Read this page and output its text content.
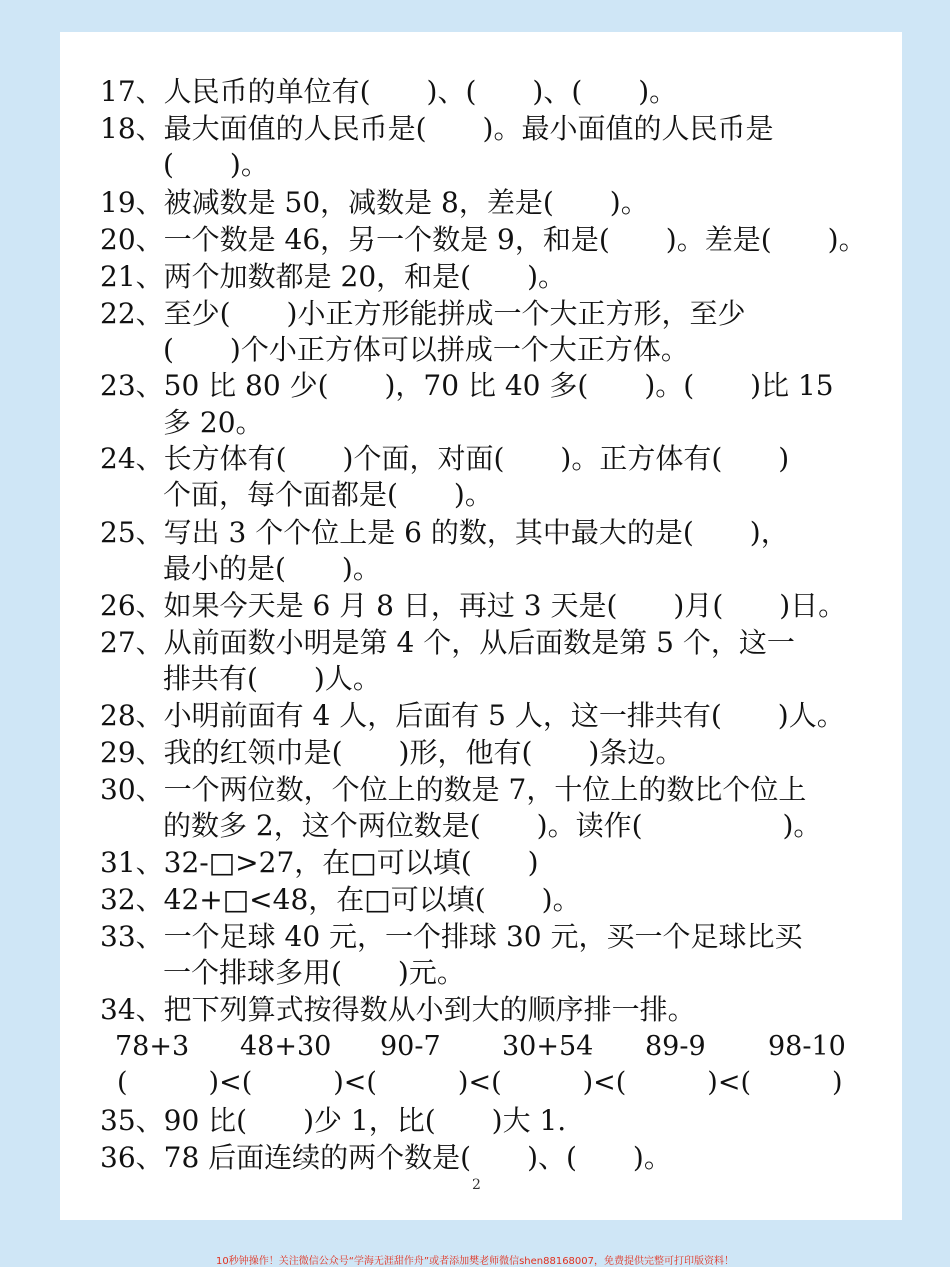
17、人民币的单位有(　　)、(　　)、(　　)。
18、最大面值的人民币是(　　)。最小面值的人民币是
(　　)。
19、被减数是 50，减数是 8，差是(　　)。
20、一个数是 46，另一个数是 9，和是(　　)。差是(　　)。
21、两个加数都是 20，和是(　　)。
22、至少(　　)小正方形能拼成一个大正方形，至少
(　　)个小正方体可以拼成一个大正方体。
23、50 比 80 少(　　)，70 比 40 多(　　)。(　　)比 15
多 20。
24、长方体有(　　)个面，对面(　　)。正方体有(　　)
个面，每个面都是(　　)。
25、写出 3 个个位上是 6 的数，其中最大的是(　　)，
最小的是(　　)。
26、如果今天是 6 月 8 日，再过 3 天是(　　)月(　　)日。
27、从前面数小明是第 4 个，从后面数是第 5 个，这一
排共有(　　)人。
28、小明前面有 4 人，后面有 5 人，这一排共有(　　)人。
29、我的红领巾是(　　)形，他有(　　)条边。
30、一个两位数，个位上的数是 7，十位上的数比个位上
的数多 2，这个两位数是(　　)。读作(　　　　　)。
31、32-□>27，在□可以填(　　)
32、42+□<48，在□可以填(　　)。
33、一个足球 40 元，一个排球 30 元，买一个足球比买
一个排球多用(　　)元。
34、把下列算式按得数从小到大的顺序排一排。
78+3 48+30 90-7 30+54 89-9 98-10
(　　　)<(　　　)<(　　　)<(　　　)<(　　　)<(　　　)
35、90 比(　　)少 1，比(　　)大 1.
36、78 后面连续的两个数是(　　)、(　　)。
2
10秒钟操作！关注微信公众号“学海无涯甜作舟”或者添加樊老师微信shen88168007，免费提供完整可打印版资料！
